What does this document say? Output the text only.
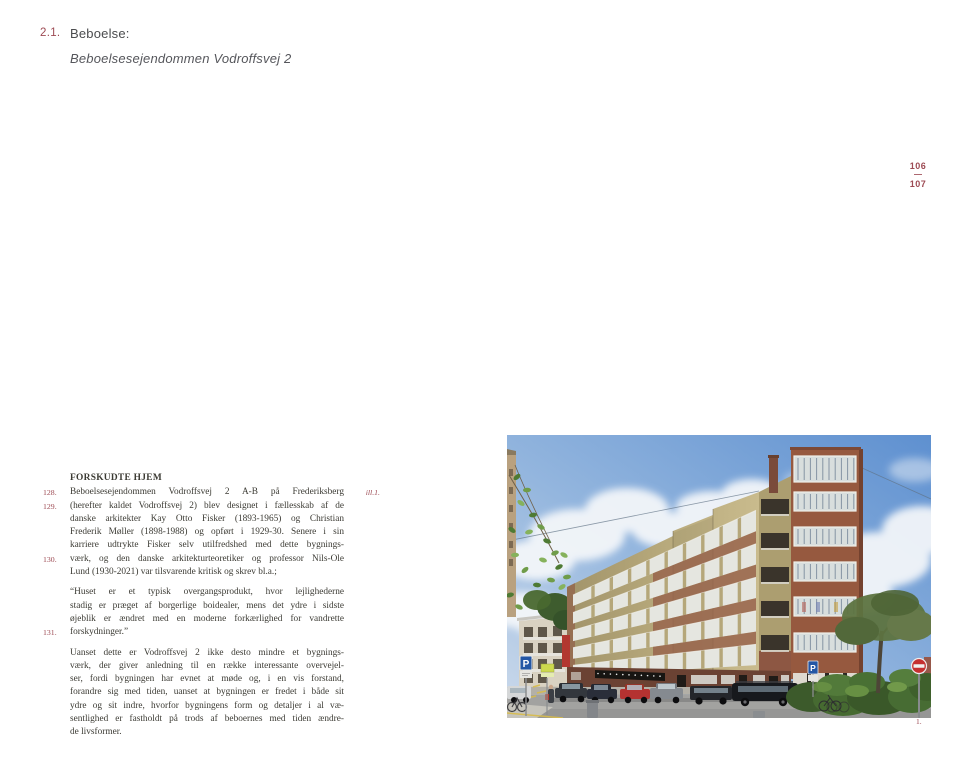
2.1. Beboelse:
Beboelsesejendommen Vodroffsvej 2
106
—
107
FORSKUDTE HJEM
128.	Beboelsesejendommen Vodroffsvej 2 A-B på Frederiksberg	ill.1.
129.	(herefter kaldet Vodroffsvej 2) blev designet i fællesskab af de
danske arkitekter Kay Otto Fisker (1893-1965) og Christian
Frederik Møller (1898-1988) og opført i 1929-30. Senere i sin
karriere udtrykte Fisker selv utilfredshed med dette bygnings-
130.	værk, og den danske arkitekturteoretiker og professor Nils-Ole
Lund (1930-2021) var tilsvarende kritisk og skrev bl.a.;
“Huset er et typisk overgangsprodukt, hvor lejlighederne
stadig er præget af borgerlige boidealer, mens det ydre i sidste
øjeblik er ændret med en moderne forkærlighed for vandrette
131.	forskydninger.”
Uanset dette er Vodroffsvej 2 ikke desto mindre et bygnings-
værk, der giver anledning til en række interessante overvejel-
ser, fordi bygningen har evnet at møde og, i en vis forstand,
forandre sig med tiden, uanset at bygningen er fredet i både sit
ydre og sit indre, hvorfor bygningens form og detaljer i al væ-
sentlighed er fastholdt på trods af beboernes med tiden ændre-
de livsformer.
P	P
1.
